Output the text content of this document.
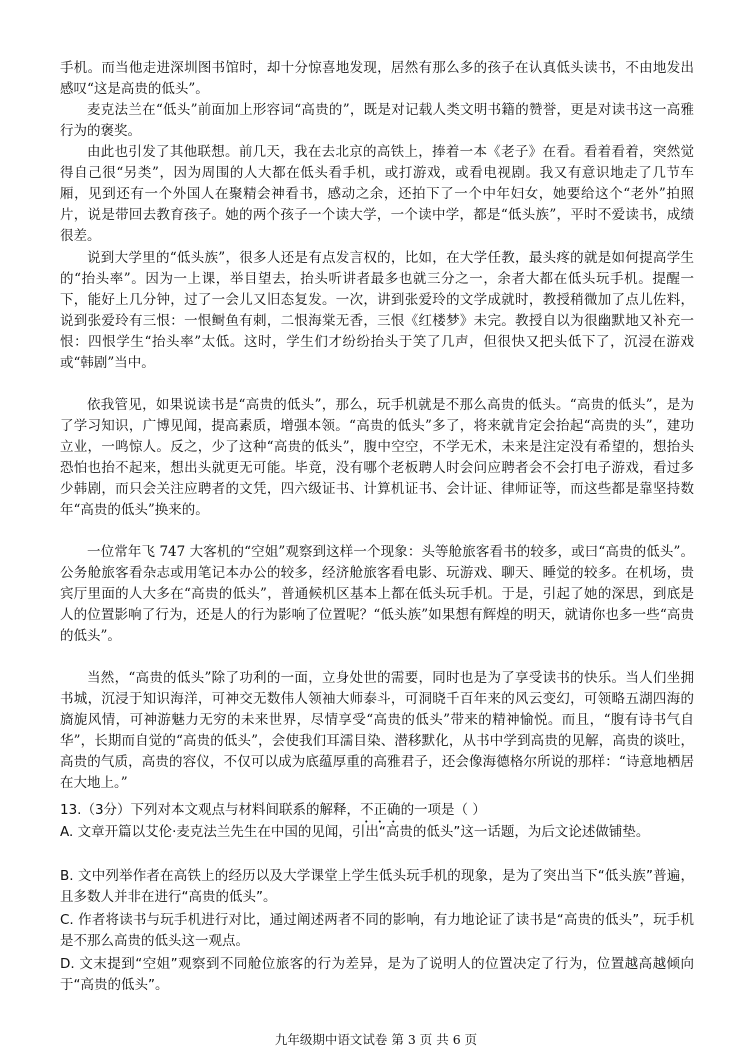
手机。而当他走进深圳图书馆时，却十分惊喜地发现，居然有那么多的孩子在认真低头读书，不由地发出感叹“这是高贵的低头”。

麦克法兰在“低头”前面加上形容词“高贵的”，既是对记载人类文明书籍的赞誉，更是对读书这一高雅行为的褒奖。

由此也引发了其他联想。前几天，我在去北京的高铁上，捧着一本《老子》在看。看着看着，突然觉得自己很“另类”，因为周围的人大都在低头看手机，或打游戏，或看电视剧。我又有意识地走了几节车厢，见到还有一个外国人在聚精会神看书，感动之余，还拍下了一个中年妇女，她要给这个“老外”拍照片，说是带回去教育孩子。她的两个孩子一个读大学，一个读中学，都是“低头族”，平时不爱读书，成绩很差。

说到大学里的“低头族”，很多人还是有点发言权的，比如，在大学任教，最头疼的就是如何提高学生的“抬头率”。因为一上课，举目望去，抬头听讲者最多也就三分之一，余者大都在低头玩手机。提醒一下，能好上几分钟，过了一会儿又旧态复发。一次，讲到张爱玲的文学成就时，教授稍微加了点儿佐料，说到张爱玲有三恨：一恨鲥鱼有刺，二恨海棠无香，三恨《红楼梦》未完。教授自以为很幽默地又补充一恨：四恨学生“抬头率”太低。这时，学生们才纷纷抬头于笑了几声，但很快又把头低下了，沉浸在游戏或“韩剧”当中。

依我管见，如果说读书是“高贵的低头”，那么，玩手机就是不那么高贵的低头。“高贵的低头”，是为了学习知识，广博见闻，提高素质，增强本领。“高贵的低头”多了，将来就肯定会抬起“高贵的头”，建功立业，一鸣惊人。反之，少了这种“高贵的低头”，腹中空空，不学无术，未来是注定没有希望的，想抬头恐怕也抬不起来，想出头就更无可能。毕竟，没有哪个老板聘人时会问应聘者会不会打电子游戏，看过多少韩剧，而只会关注应聘者的文凭，四六级证书、计算机证书、会计证、律师证等，而这些都是靠坚持数年“高贵的低头”换来的。

一位常年飞 747 大客机的“空姐”观察到这样一个现象：头等舱旅客看书的较多，或曰“高贵的低头”。公务舱旅客看杂志或用笔记本办公的较多，经济舱旅客看电影、玩游戏、聊天、睡觉的较多。在机场，贵宾厅里面的人大多在“高贵的低头”，普通候机区基本上都在低头玩手机。于是，引起了她的深思，到底是人的位置影响了行为，还是人的行为影响了位置呢？“低头族”如果想有辉煌的明天，就请你也多一些“高贵的低头”。

当然，“高贵的低头”除了功利的一面，立身处世的需要，同时也是为了享受读书的快乐。当人们坐拥书城，沉浸于知识海洋，可神交无数伟人领袖大师泰斗，可洞晓千百年来的风云变幻，可领略五湖四海的旖旎风情，可神游魅力无穷的未来世界，尽情享受“高贵的低头”带来的精神愉悦。而且，“腹有诗书气自华”，长期而自觉的“高贵的低头”，会使我们耳濡目染、潜移默化，从书中学到高贵的见解，高贵的谈吐，高贵的气质，高贵的容仪，不仅可以成为底蕴厚重的高雅君子，还会像海德格尔所说的那样：“诗意地栖居在大地上。”

13.（3分）下列对本文观点与材料间联系的解释，不正确的一项是（ ）

A. 文章开篇以艾伦·麦克法兰先生在中国的见闻，引出“高贵的低头”这一话题，为后文论述做铺垫。

B. 文中列举作者在高铁上的经历以及大学课堂上学生低头玩手机的现象，是为了突出当下“低头族”普遍，且多数人并非在进行“高贵的低头”。

C. 作者将读书与玩手机进行对比，通过阐述两者不同的影响，有力地论证了读书是“高贵的低头”，玩手机是不那么高贵的低头这一观点。

D. 文末提到“空姐”观察到不同舱位旅客的行为差异，是为了说明人的位置决定了行为，位置越高越倾向于“高贵的低头”。

九年级期中语文试卷 第 3 页 共 6 页
